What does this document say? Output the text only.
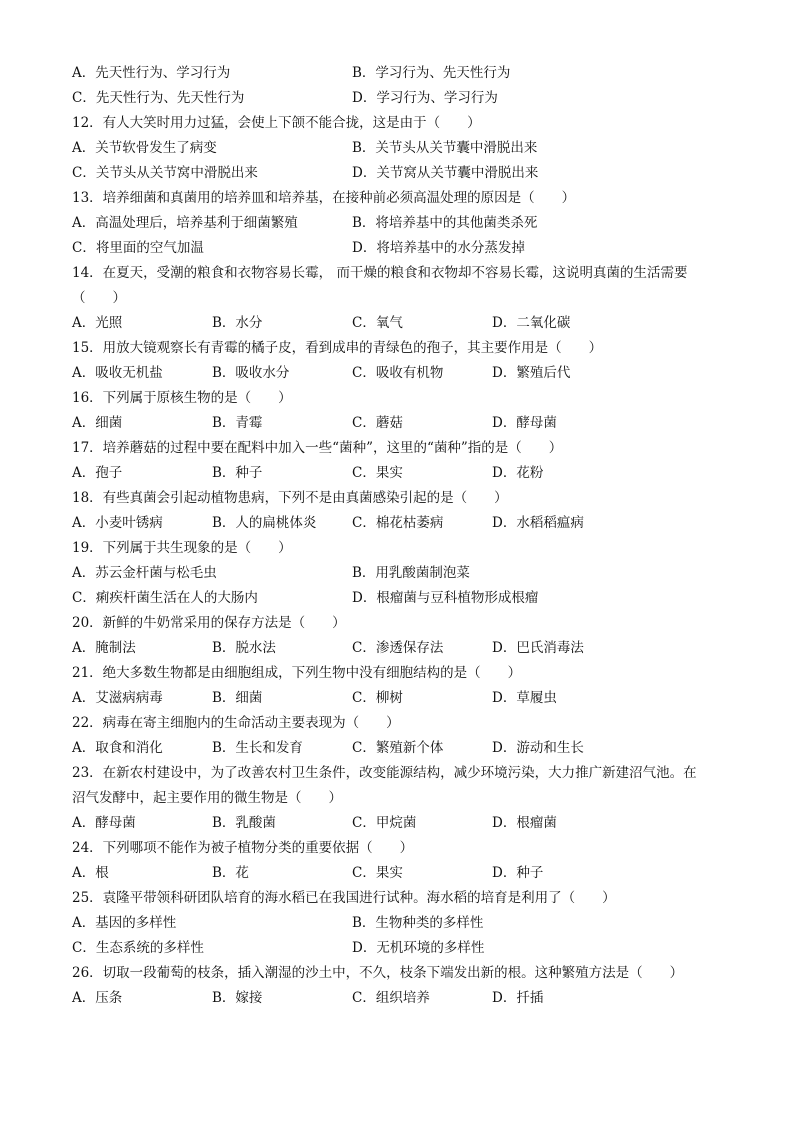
A．先天性行为、学习行为	B．学习行为、先天性行为
C．先天性行为、先天性行为	D．学习行为、学习行为
12．有人大笑时用力过猛，会使上下颌不能合拢，这是由于（　　）
A．关节软骨发生了病变	B．关节头从关节囊中滑脱出来
C．关节头从关节窝中滑脱出来	D．关节窝从关节囊中滑脱出来
13．培养细菌和真菌用的培养皿和培养基，在接种前必须高温处理的原因是（　　）
A．高温处理后，培养基利于细菌繁殖	B．将培养基中的其他菌类杀死
C．将里面的空气加温	D．将培养基中的水分蒸发掉
14．在夏天，受潮的粮食和衣物容易长霉， 而干燥的粮食和衣物却不容易长霉，这说明真菌的生活需要
（　　）
A．光照	B．水分	C．氧气	D．二氧化碳
15．用放大镜观察长有青霉的橘子皮，看到成串的青绿色的孢子，其主要作用是（　　）
A．吸收无机盐	B．吸收水分	C．吸收有机物	D．繁殖后代
16．下列属于原核生物的是（　　）
A．细菌	B．青霉	C．蘑菇	D．酵母菌
17．培养蘑菇的过程中要在配料中加入一些“菌种”，这里的“菌种”指的是（　　）
A．孢子	B．种子	C．果实	D．花粉
18．有些真菌会引起动植物患病，下列不是由真菌感染引起的是（　　）
A．小麦叶锈病	B．人的扁桃体炎	C．棉花枯萎病	D．水稻稻瘟病
19．下列属于共生现象的是（　　）
A．苏云金杆菌与松毛虫	B．用乳酸菌制泡菜
C．痢疾杆菌生活在人的大肠内	D．根瘤菌与豆科植物形成根瘤
20．新鲜的牛奶常采用的保存方法是（　　）
A．腌制法	B．脱水法	C．渗透保存法	D．巴氏消毒法
21．绝大多数生物都是由细胞组成，下列生物中没有细胞结构的是（　　）
A．艾滋病病毒	B．细菌	C．柳树	D．草履虫
22．病毒在寄主细胞内的生命活动主要表现为（　　）
A．取食和消化	B．生长和发育	C．繁殖新个体	D．游动和生长
23．在新农村建设中，为了改善农村卫生条件，改变能源结构，减少环境污染，大力推广新建沼气池。在
沼气发酵中，起主要作用的微生物是（　　）
A．酵母菌	B．乳酸菌	C．甲烷菌	D．根瘤菌
24．下列哪项不能作为被子植物分类的重要依据（　　）
A．根	B．花	C．果实	D．种子
25．袁隆平带领科研团队培育的海水稻已在我国进行试种。海水稻的培育是利用了（　　）
A．基因的多样性	B．生物种类的多样性
C．生态系统的多样性	D．无机环境的多样性
26．切取一段葡萄的枝条，插入潮湿的沙土中，不久，枝条下端发出新的根。这种繁殖方法是（　　）
A．压条	B．嫁接	C．组织培养	D．扦插
